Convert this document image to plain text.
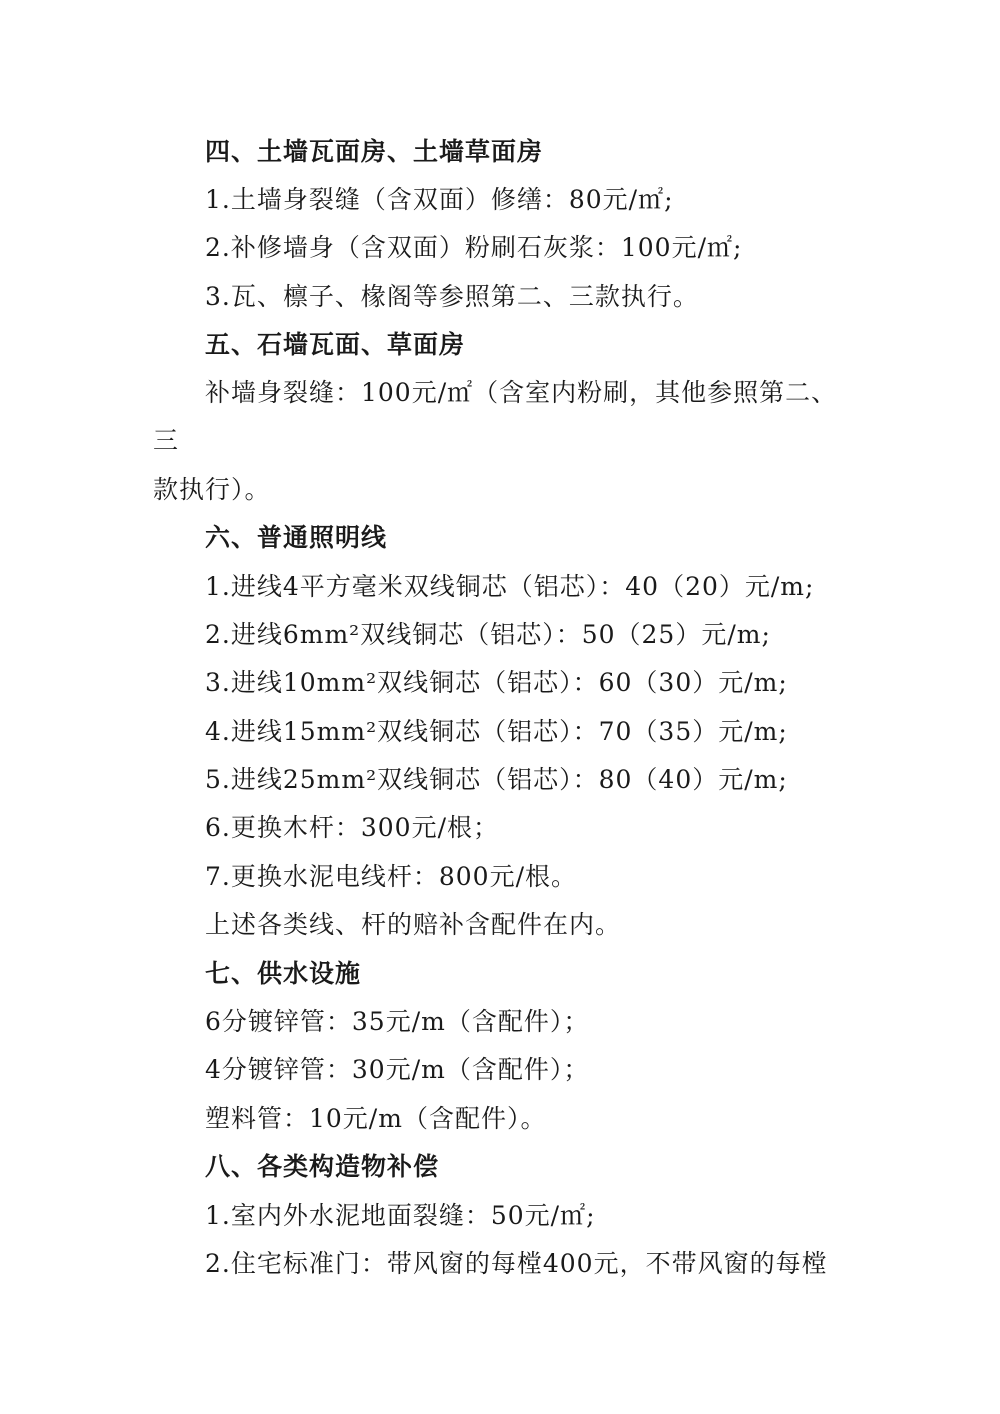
四、土墙瓦面房、土墙草面房
1.土墙身裂缝（含双面）修缮：80元/㎡;
2.补修墙身（含双面）粉刷石灰浆：100元/㎡;
3.瓦、檩子、椽阁等参照第二、三款执行。
五、石墙瓦面、草面房
补墙身裂缝：100元/㎡（含室内粉刷，其他参照第二、
三
款执行）。
六、普通照明线
1.进线4平方毫米双线铜芯（铝芯）：40（20）元/m;
2.进线6mm²双线铜芯（铝芯）：50（25）元/m;
3.进线10mm²双线铜芯（铝芯）：60（30）元/m;
4.进线15mm²双线铜芯（铝芯）：70（35）元/m;
5.进线25mm²双线铜芯（铝芯）：80（40）元/m;
6.更换木杆：300元/根；
7.更换水泥电线杆：800元/根。
上述各类线、杆的赔补含配件在内。
七、供水设施
6分镀锌管：35元/m（含配件）；
4分镀锌管：30元/m（含配件）；
塑料管：10元/m（含配件）。
八、各类构造物补偿
1.室内外水泥地面裂缝：50元/㎡;
2.住宅标准门：带风窗的每樘400元，不带风窗的每樘
